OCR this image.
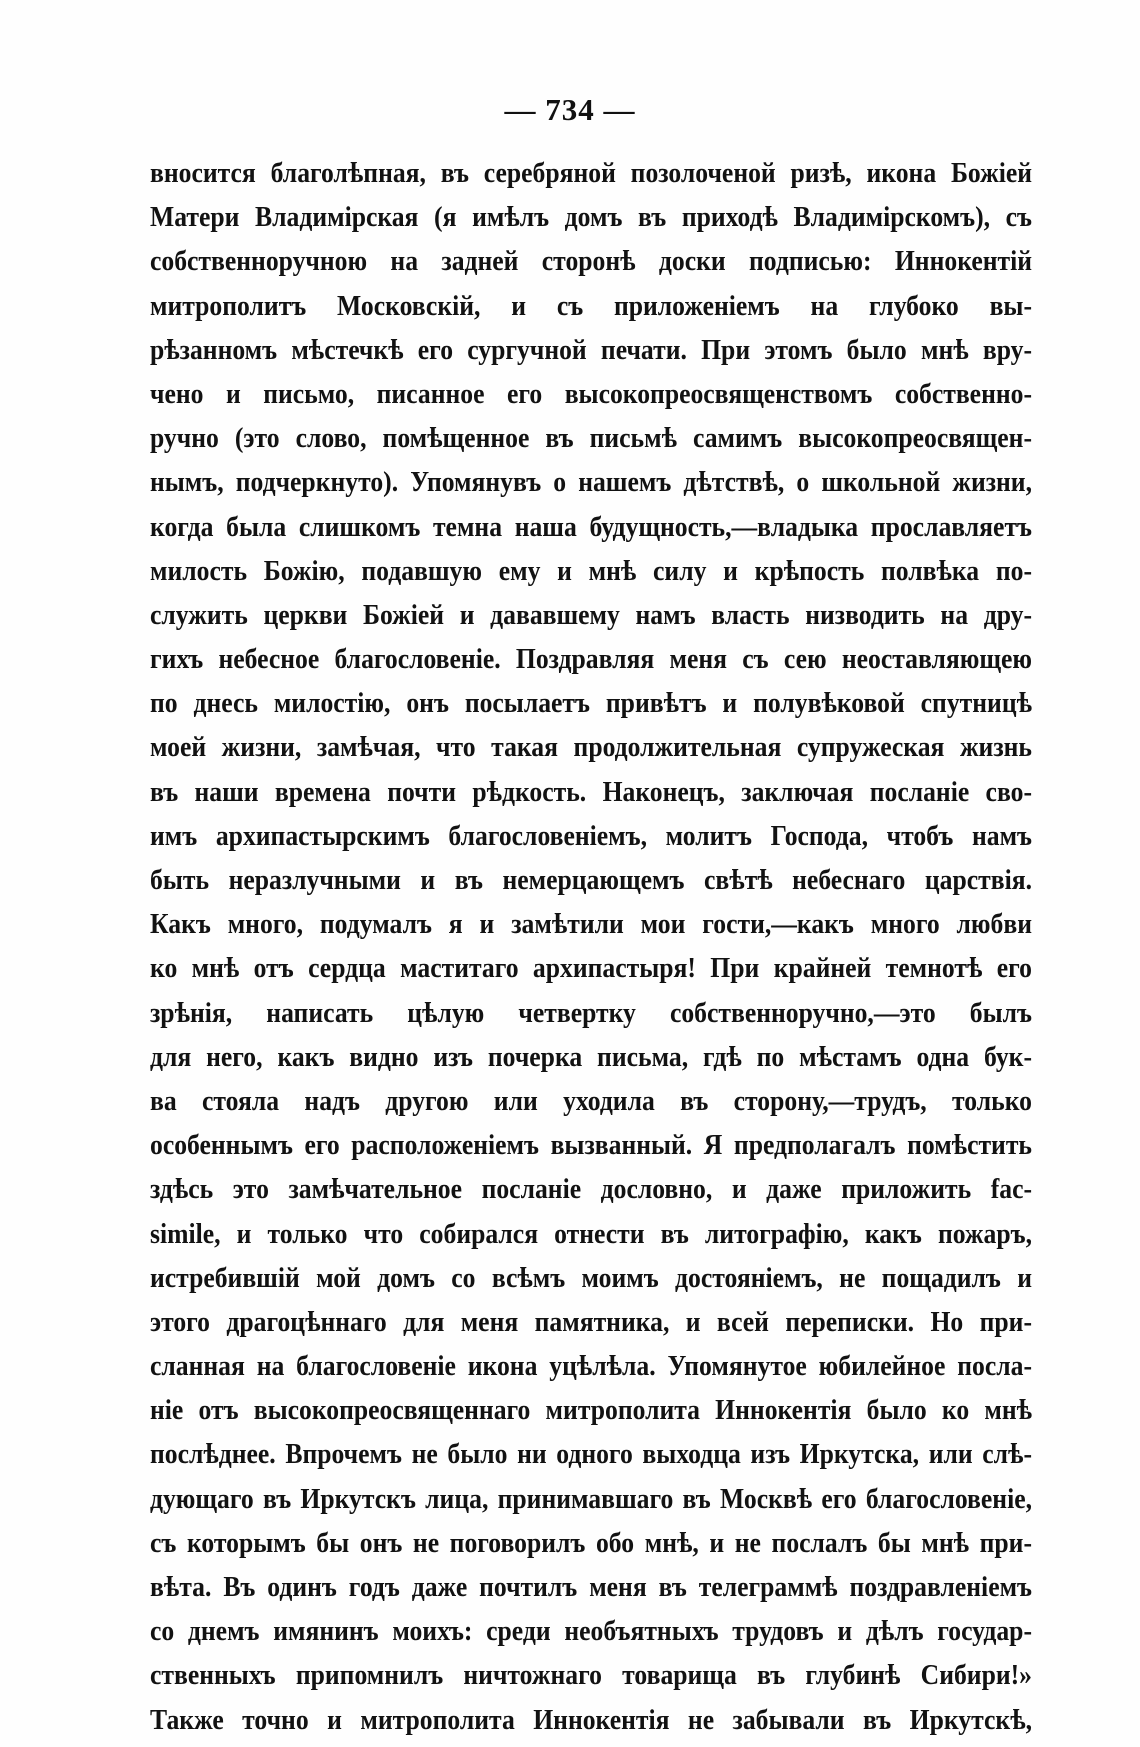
— 734 —
вносится благолѣпная, въ серебряной позолоченой ризѣ, икона Божіей
Матери Владимірская (я имѣлъ домъ въ приходѣ Владимірскомъ), съ
собственноручною на задней сторонѣ доски подписью: Иннокентій
митрополитъ Московскій, и съ приложеніемъ на глубоко вы-
рѣзанномъ мѣстечкѣ его сургучной печати. При этомъ было мнѣ вру-
чено и письмо, писанное его высокопреосвященствомъ собственно-
ручно (это слово, помѣщенное въ письмѣ самимъ высокопреосвящен-
нымъ, подчеркнуто). Упомянувъ о нашемъ дѣтствѣ, о школьной жизни,
когда была слишкомъ темна наша будущность,—владыка прославляетъ
милость Божію, подавшую ему и мнѣ силу и крѣпость полвѣка по-
служить церкви Божіей и дававшему намъ власть низводить на дру-
гихъ небесное благословеніе. Поздравляя меня съ сею неоставляющею
по днесь милостію, онъ посылаетъ привѣтъ и полувѣковой спутницѣ
моей жизни, замѣчая, что такая продолжительная супружеская жизнь
въ наши времена почти рѣдкость. Наконецъ, заключая посланіе сво-
имъ архипастырскимъ благословеніемъ, молитъ Господа, чтобъ намъ
быть неразлучными и въ немерцающемъ свѣтѣ небеснаго царствія.
Какъ много, подумалъ я и замѣтили мои гости,—какъ много любви
ко мнѣ отъ сердца маститаго архипастыря! При крайней темнотѣ его
зрѣнія, написать цѣлую четвертку собственноручно,—это былъ
для него, какъ видно изъ почерка письма, гдѣ по мѣстамъ одна бук-
ва стояла надъ другою или уходила въ сторону,—трудъ, только
особеннымъ его расположеніемъ вызванный. Я предполагалъ помѣстить
здѣсь это замѣчательное посланіе дословно, и даже приложить fac-
simile, и только что собирался отнести въ литографію, какъ пожаръ,
истребившій мой домъ со всѣмъ моимъ достояніемъ, не пощадилъ и
этого драгоцѣннаго для меня памятника, и всей переписки. Но при-
сланная на благословеніе икона уцѣлѣла. Упомянутое юбилейное посла-
ніе отъ высокопреосвященнаго митрополита Иннокентія было ко мнѣ
послѣднее. Впрочемъ не было ни одного выходца изъ Иркутска, или слѣ-
дующаго въ Иркутскъ лица, принимавшаго въ Москвѣ его благословеніе,
съ которымъ бы онъ не поговорилъ обо мнѣ, и не послалъ бы мнѣ при-
вѣта. Въ одинъ годъ даже почтилъ меня въ телеграммѣ поздравленіемъ
со днемъ имянинъ моихъ: среди необъятныхъ трудовъ и дѣлъ государ-
ственныхъ припомнилъ ничтожнаго товарища въ глубинѣ Сибири!»
Также точно и митрополита Иннокентія не забывали въ Иркутскѣ,
